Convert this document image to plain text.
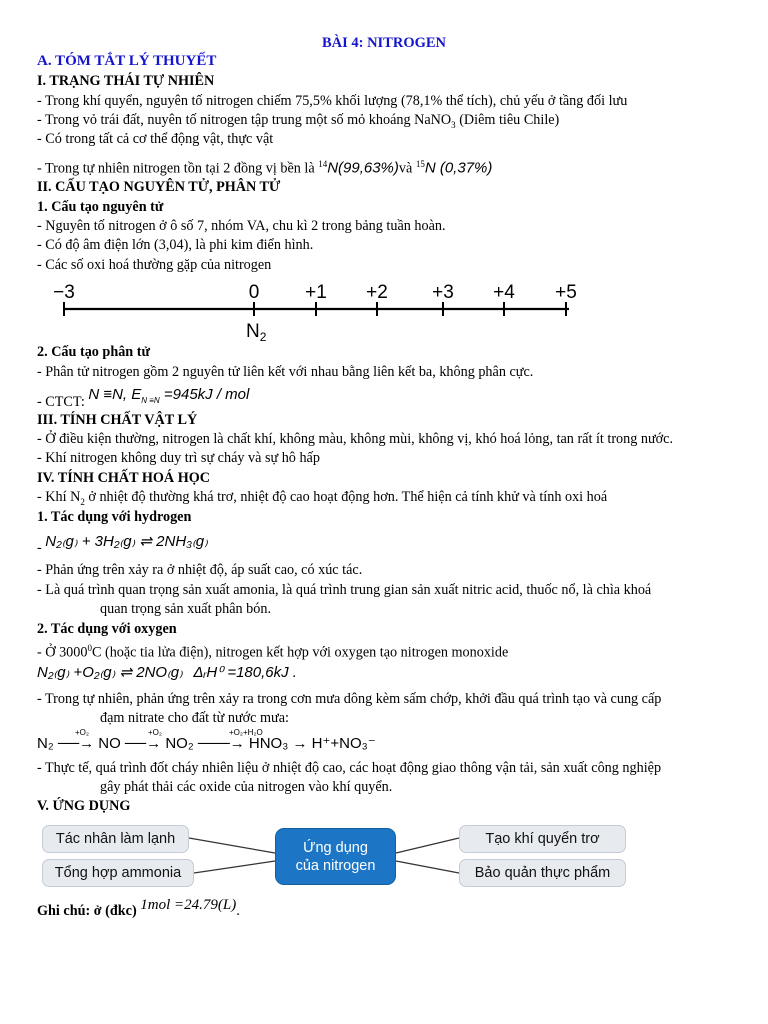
BÀI 4: NITROGEN
A. TÓM TẮT LÝ THUYẾT
I. TRẠNG THÁI TỰ NHIÊN
- Trong khí quyển, nguyên tố nitrogen chiếm 75,5% khối lượng (78,1% thể tích), chủ yếu ở tầng đối lưu
- Trong vỏ trái đất, nuyên tố nitrogen tập trung một số mỏ khoáng NaNO$_3$ (Diêm tiêu Chile)
- Có trong tất cả cơ thể động vật, thực vật
- Trong tự nhiên nitrogen tồn tại 2 đồng vị bền là $^{14}$N(99,63%)và $^{15}$N (0,37%)
II. CẤU TẠO NGUYÊN TỬ, PHÂN TỬ
1. Cấu tạo nguyên tử
- Nguyên tố nitrogen ở ô số 7, nhóm VA, chu kì 2 trong bảng tuần hoàn.
- Có độ âm điện lớn (3,04), là phi kim điển hình.
- Các số oxi hoá thường gặp của nitrogen
−3	0 +1 +2 +3 +4 +5
$N_2$
2. Cấu tạo phân tử
- Phân tử nitrogen gồm 2 nguyên tử liên kết với nhau bằng liên kết ba, không phân cực.
- CTCT: N ≡N, $E_{N \equiv N} =945kJ$ / mol
III. TÍNH CHẤT VẬT LÝ
- Ở điều kiện thường, nitrogen là chất khí, không màu, không mùi, không vị, khó hoá lỏng, tan rất ít trong nước.
- Khí nitrogen không duy trì sự cháy và sự hô hấp
IV. TÍNH CHẤT HOÁ HỌC
- Khí $N_2$ ở nhiệt độ thường khá trơ, nhiệt độ cao hoạt động hơn. Thể hiện cả tính khử và tính oxi hoá
1. Tác dụng với hydrogen
- N₂₍g₎ + 3H₂₍g₎ ⇌ 2NH₃₍g₎
- Phản ứng trên xảy ra ở nhiệt độ, áp suất cao, có xúc tác.
- Là quá trình quan trọng sản xuất amonia, là quá trình trung gian sản xuất nitric acid, thuốc nổ, là chìa khoá
quan trọng sản xuất phân bón.
2. Tác dụng với oxygen
- Ở 3000$^0$C (hoặc tia lửa điện), nitrogen kết hợp với oxygen tạo nitrogen monoxide
N₂₍g₎ +O₂₍g₎ ⇌ 2NO₍g₎ ΔᵣH⁰ =180,6kJ .
- Trong tự nhiên, phản ứng trên xảy ra trong cơn mưa dông kèm sấm chớp, khởi đầu quá trình tạo và cung cấp
đạm nitrate cho đất từ nước mưa:
N₂ ──→ NO ──→ NO₂ ───→ HNO₃ → H⁺+NO₃⁻
+O₂	+O₂	+O₂+H₂O
- Thực tế, quá trình đốt cháy nhiên liệu ở nhiệt độ cao, các hoạt động giao thông vận tải, sản xuất công nghiệp
gây phát thải các oxide của nitrogen vào khí quyển.
V. ỨNG DỤNG
Tác nhân làm lạnh
Tổng hợp ammonia
Ứng dụng
của nitrogen
Tạo khí quyển trơ
Bảo quản thực phẩm
Ghi chú: ở (đkc) 1mol =24.79(L).
